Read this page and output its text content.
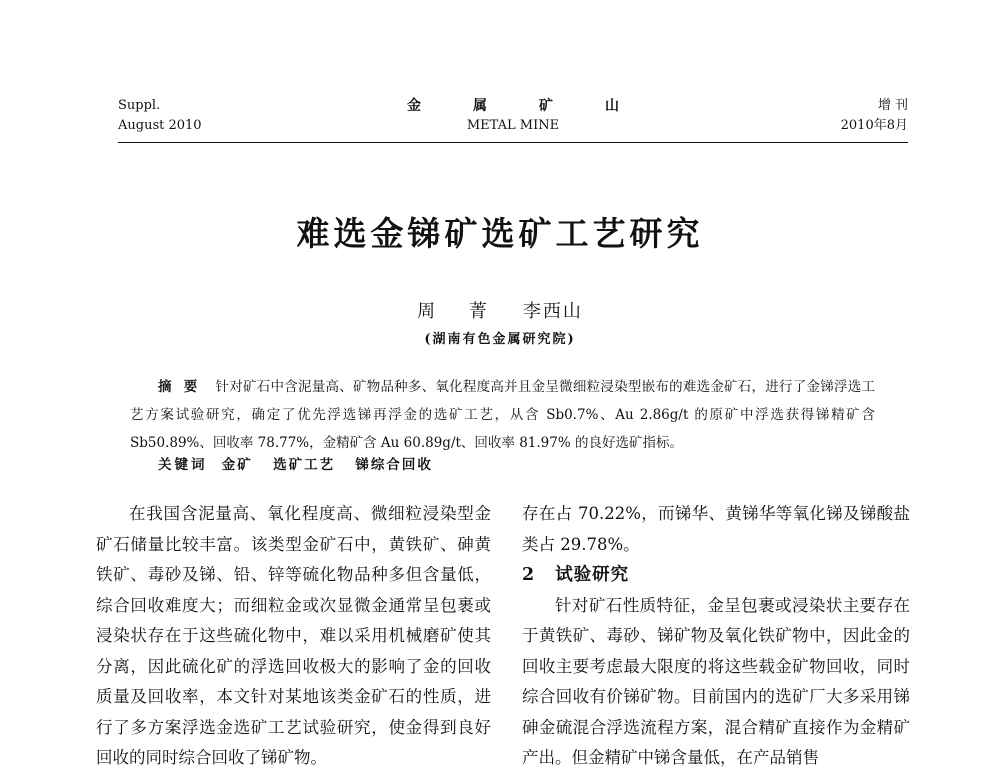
Suppl.
August 2010
金属矿山
METAL MINE
增 刊
2010年8月
难选金锑矿选矿工艺研究
周 菁 李西山
(湖南有色金属研究院)
摘要 针对矿石中含泥量高、矿物品种多、氧化程度高并且金呈微细粒浸染型嵌布的难选金矿石，进行了金锑浮选工艺方案试验研究，确定了优先浮选锑再浮金的选矿工艺，从含 Sb0.7%、Au 2.86g/t 的原矿中浮选获得锑精矿含 Sb50.89%、回收率 78.77%，金精矿含 Au 60.89g/t、回收率 81.97% 的良好选矿指标。
关键词 金矿 选矿工艺 锑综合回收

在我国含泥量高、氧化程度高、微细粒浸染型金矿石储量比较丰富。该类型金矿石中，黄铁矿、砷黄铁矿、毒砂及锑、铅、锌等硫化物品种多但含量低，综合回收难度大；而细粒金或次显微金通常呈包裹或浸染状存在于这些硫化物中，难以采用机械磨矿使其分离，因此硫化矿的浮选回收极大的影响了金的回收质量及回收率，本文针对某地该类金矿石的性质，进行了多方案浮选金选矿工艺试验研究，使金得到良好回收的同时综合回收了锑矿物。

存在占 70.22%，而锑华、黄锑华等氧化锑及锑酸盐类占 29.78%。

2 试验研究

针对矿石性质特征，金呈包裹或浸染状主要存在于黄铁矿、毒砂、锑矿物及氧化铁矿物中，因此金的回收主要考虑最大限度的将这些载金矿物回收，同时综合回收有价锑矿物。目前国内的选矿厂大多采用锑砷金硫混合浮选流程方案，混合精矿直接作为金精矿产出。但金精矿中锑含量低，在产品销售
